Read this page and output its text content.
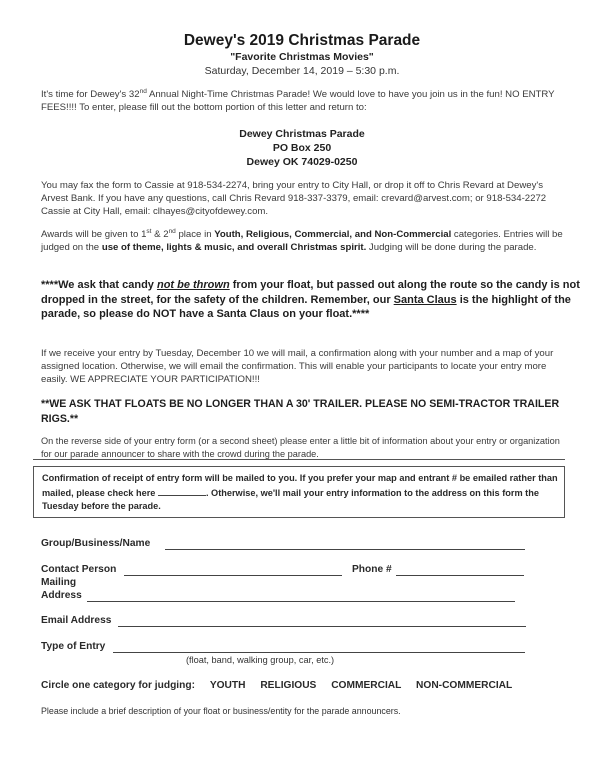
Dewey's 2019 Christmas Parade
"Favorite Christmas Movies"
Saturday, December 14, 2019 – 5:30 p.m.
It's time for Dewey's 32nd Annual Night-Time Christmas Parade! We would love to have you join us in the fun! NO ENTRY FEES!!!! To enter, please fill out the bottom portion of this letter and return to:
Dewey Christmas Parade
PO Box 250
Dewey OK 74029-0250
You may fax the form to Cassie at 918-534-2274, bring your entry to City Hall, or drop it off to Chris Revard at Dewey's Arvest Bank. If you have any questions, call Chris Revard 918-337-3379, email: crevard@arvest.com; or 918-534-2272 Cassie at City Hall, email: clhayes@cityofdewey.com.
Awards will be given to 1st & 2nd place in Youth, Religious, Commercial, and Non-Commercial categories. Entries will be judged on the use of theme, lights & music, and overall Christmas spirit. Judging will be done during the parade.
****We ask that candy not be thrown from your float, but passed out along the route so the candy is not dropped in the street, for the safety of the children. Remember, our Santa Claus is the highlight of the parade, so please do NOT have a Santa Claus on your float.****
If we receive your entry by Tuesday, December 10 we will mail, a confirmation along with your number and a map of your assigned location. Otherwise, we will email the confirmation. This will enable your participants to locate your entry more easily. WE APPRECIATE YOUR PARTICIPATION!!!
**WE ASK THAT FLOATS BE NO LONGER THAN A 30' TRAILER. PLEASE NO SEMI-TRACTOR TRAILER RIGS.**
On the reverse side of your entry form (or a second sheet) please enter a little bit of information about your entry or organization for our parade announcer to share with the crowd during the parade.
Confirmation of receipt of entry form will be mailed to you. If you prefer your map and entrant # be emailed rather than mailed, please check here	. Otherwise, we'll mail your entry information to the address on this form the Tuesday before the parade.
Group/Business/Name
Contact Person	Phone #
Mailing
Address
Email Address
Type of Entry
(float, band, walking group, car, etc.)
Circle one category for judging: YOUTH RELIGIOUS COMMERCIAL NON-COMMERCIAL
Please include a brief description of your float or business/entity for the parade announcers.
